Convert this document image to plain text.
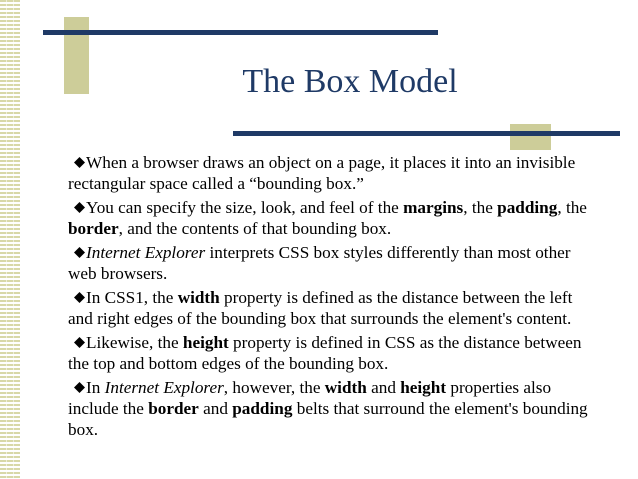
The Box Model

When a browser draws an object on a page, it places it into an invisible rectangular space called a “bounding box.”

You can specify the size, look, and feel of the margins, the padding, the border, and the contents of that bounding box.

Internet Explorer interprets CSS box styles differently than most other web browsers.

In CSS1, the width property is defined as the distance between the left and right edges of the bounding box that surrounds the element's content.

Likewise, the height property is defined in CSS as the distance between the top and bottom edges of the bounding box.

In Internet Explorer, however, the width and height properties also include the border and padding belts that surround the element's bounding box.
